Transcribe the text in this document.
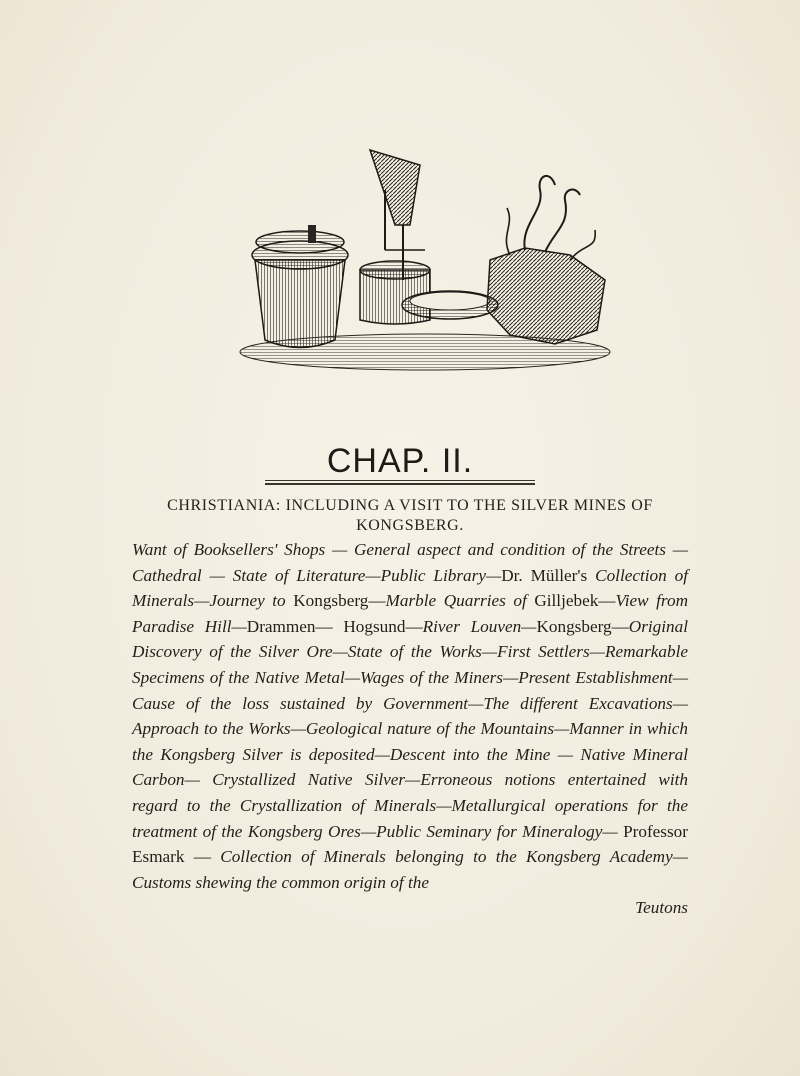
CHAP. II.
CHRISTIANIA: INCLUDING A VISIT TO THE SILVER MINES OF
KONGSBERG.
Want of Booksellers' Shops — General aspect and condition of the Streets — Cathedral — State of Literature—Public Library—Dr. Müller's Collection of Minerals—Journey to Kongsberg—Marble Quarries of Gilljebek—View from Paradise Hill—Drammen— Hogsund—River Louven—Kongsberg—Original Discovery of the Silver Ore—State of the Works—First Settlers—Remarkable Specimens of the Native Metal—Wages of the Miners—Present Establishment—Cause of the loss sustained by Government—The different Excavations—Approach to the Works—Geological nature of the Mountains—Manner in which the Kongsberg Silver is deposited—Descent into the Mine — Native Mineral Carbon— Crystallized Native Silver—Erroneous notions entertained with regard to the Crystallization of Minerals—Metallurgical operations for the treatment of the Kongsberg Ores—Public Seminary for Mineralogy— Professor Esmark — Collection of Minerals belonging to the Kongsberg Academy—Customs shewing the common origin of the
Teutons
